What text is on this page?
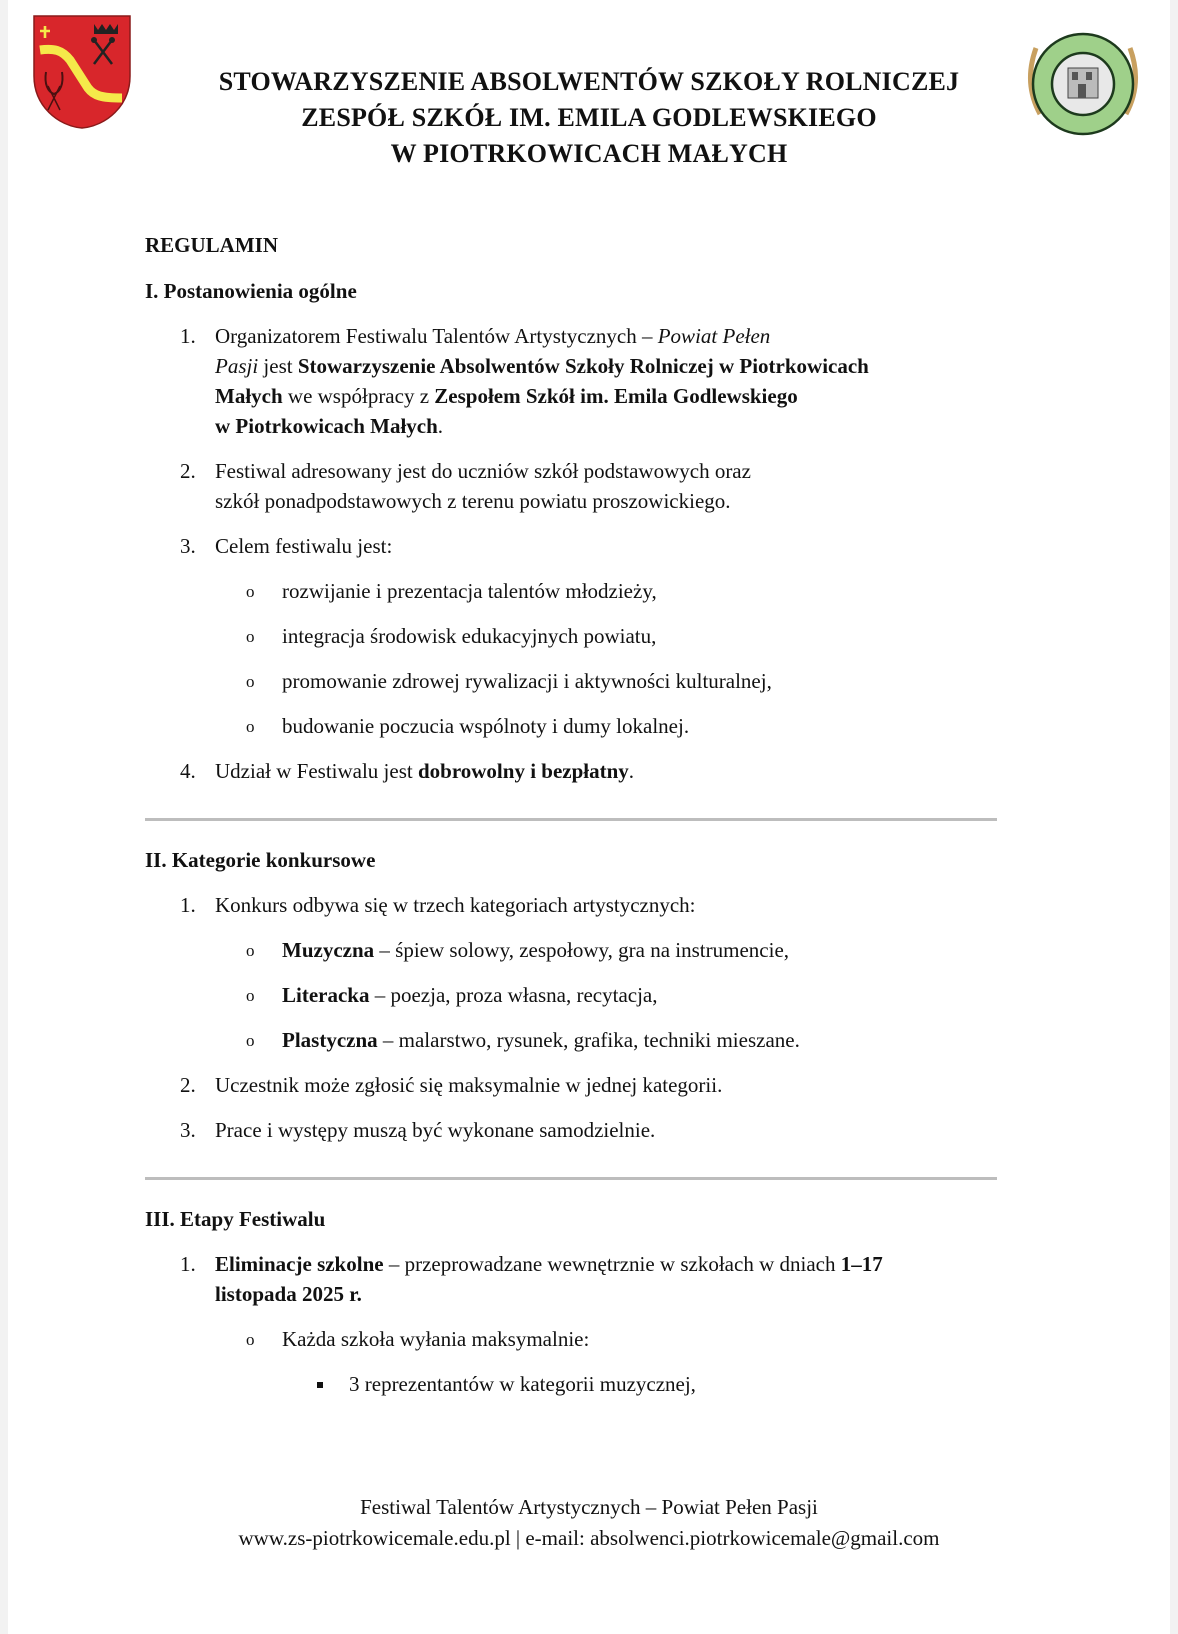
STOWARZYSZENIE ABSOLWENTÓW SZKOŁY ROLNICZEJ
ZESPÓŁ SZKÓŁ IM. EMILA GODLEWSKIEGO
W PIOTRKOWICACH MAŁYCH

REGULAMIN

I. Postanowienia ogólne

1. Organizatorem Festiwalu Talentów Artystycznych – Powiat Pełen
Pasji jest Stowarzyszenie Absolwentów Szkoły Rolniczej w Piotrkowicach
Małych we współpracy z Zespołem Szkół im. Emila Godlewskiego
w Piotrkowicach Małych.
2. Festiwal adresowany jest do uczniów szkół podstawowych oraz
szkół ponadpodstawowych z terenu powiatu proszowickiego.
3. Celem festiwalu jest:
o rozwijanie i prezentacja talentów młodzieży,
o integracja środowisk edukacyjnych powiatu,
o promowanie zdrowej rywalizacji i aktywności kulturalnej,
o budowanie poczucia wspólnoty i dumy lokalnej.
4. Udział w Festiwalu jest dobrowolny i bezpłatny.

II. Kategorie konkursowe

1. Konkurs odbywa się w trzech kategoriach artystycznych:
o Muzyczna – śpiew solowy, zespołowy, gra na instrumencie,
o Literacka – poezja, proza własna, recytacja,
o Plastyczna – malarstwo, rysunek, grafika, techniki mieszane.
2. Uczestnik może zgłosić się maksymalnie w jednej kategorii.
3. Prace i występy muszą być wykonane samodzielnie.

III. Etapy Festiwalu

1. Eliminacje szkolne – przeprowadzane wewnętrznie w szkołach w dniach 1–17
listopada 2025 r.
o Każda szkoła wyłania maksymalnie:
3 reprezentantów w kategorii muzycznej,
Festiwal Talentów Artystycznych – Powiat Pełen Pasji
www.zs-piotrkowicemale.edu.pl | e-mail: absolwenci.piotrkowicemale@gmail.com
